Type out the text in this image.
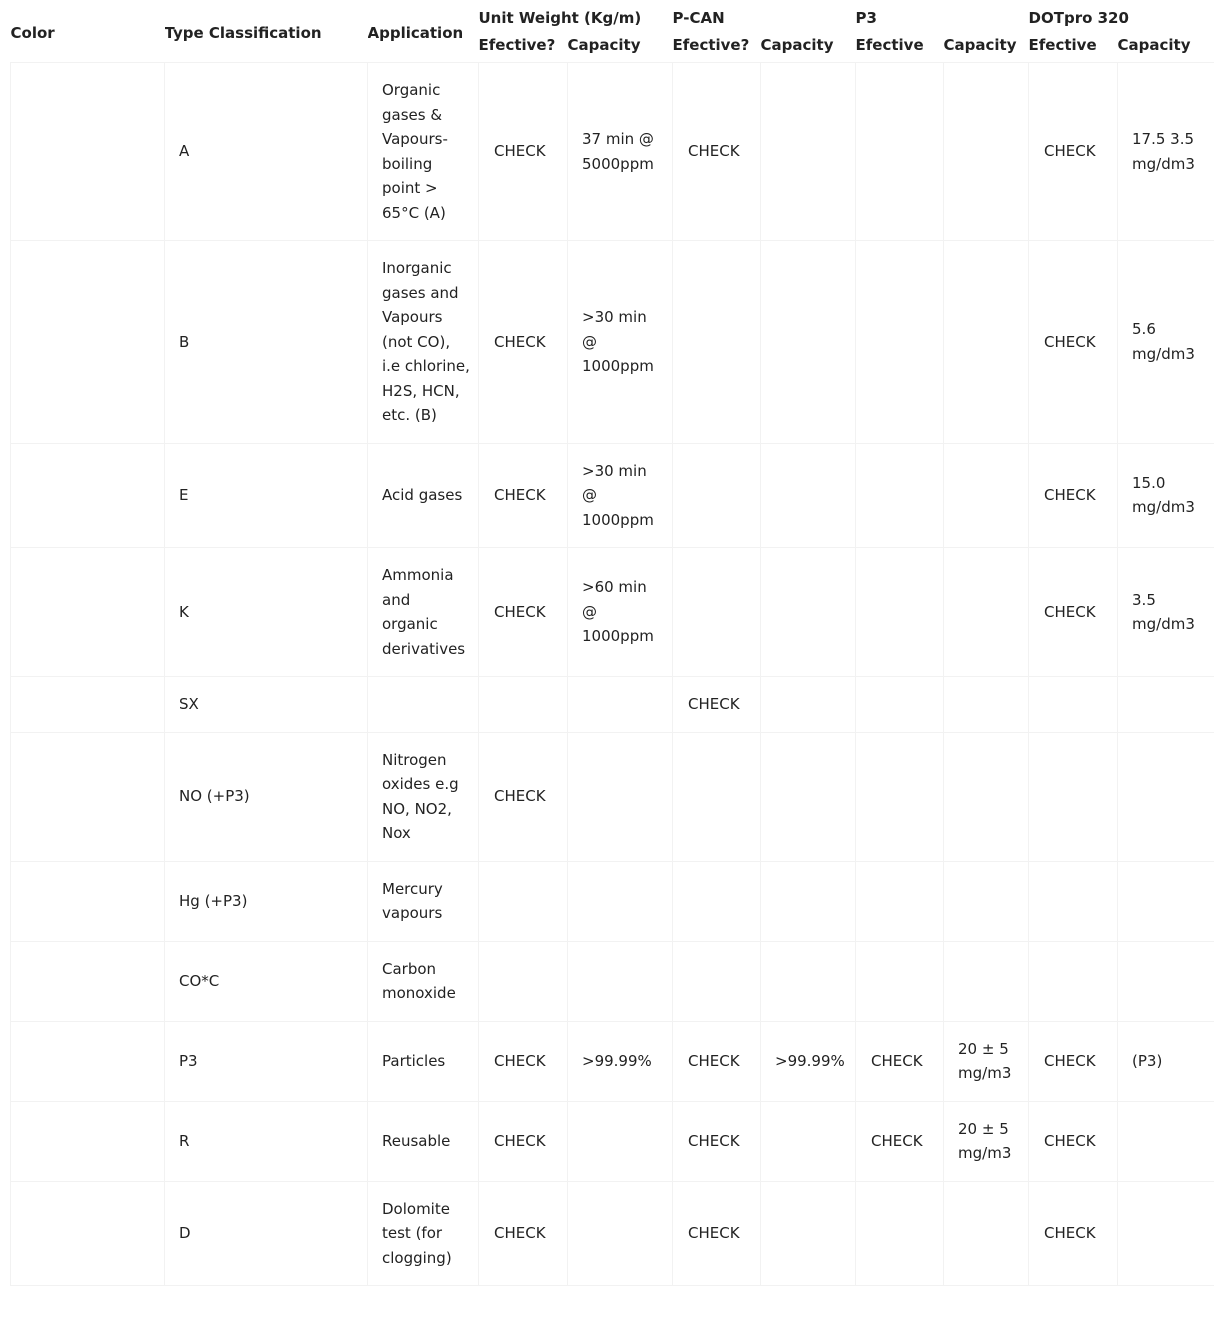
Color	Type Classification	Application	Unit Weight (Kg/m)		P-CAN		P3		DOTpro 320	
			Efective?	Capacity	Efective?	Capacity	Efective	Capacity	Efective	Capacity
	A	Organic gases & Vapours-boiling point > 65°C (A)	CHECK	37 min @ 5000ppm	CHECK				CHECK	17.5 3.5 mg/dm3
	B	Inorganic gases and Vapours (not CO), i.e chlorine, H2S, HCN, etc. (B)	CHECK	>30 min @ 1000ppm					CHECK	5.6 mg/dm3
	E	Acid gases	CHECK	>30 min @ 1000ppm					CHECK	15.0 mg/dm3
	K	Ammonia and organic derivatives	CHECK	>60 min @ 1000ppm					CHECK	3.5 mg/dm3
	SX				CHECK					
	NO (+P3)	Nitrogen oxides e.g NO, NO2, Nox	CHECK							
	Hg (+P3)	Mercury vapours								
	CO*C	Carbon monoxide								
	P3	Particles	CHECK	>99.99%	CHECK	>99.99%	CHECK	20 ± 5 mg/m3	CHECK	(P3)
	R	Reusable	CHECK		CHECK		CHECK	20 ± 5 mg/m3	CHECK	
	D	Dolomite test (for clogging)	CHECK		CHECK				CHECK	
